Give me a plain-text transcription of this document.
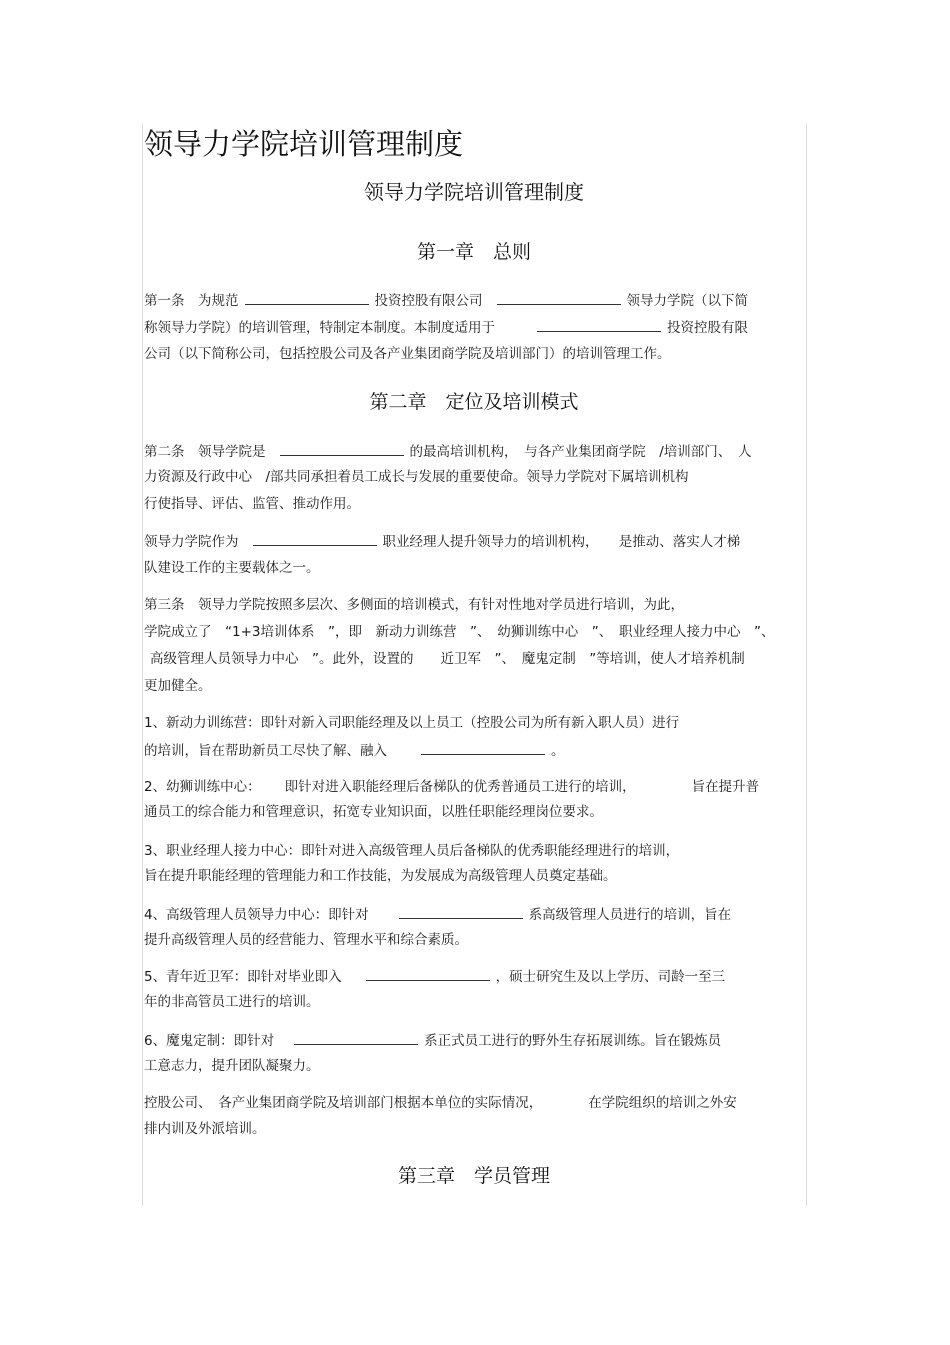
领导力学院培训管理制度
领导力学院培训管理制度
第一章　总则
第一条　为规范	投资控股有限公司	领导力学院（以下简
称领导力学院）的培训管理，特制定本制度。本制度适用于	投资控股有限
公司（以下简称公司，包括控股公司及各产业集团商学院及培训部门）的培训管理工作。
第二章　定位及培训模式
第二条　领导学院是	的最高培训机构，　与各产业集团商学院　/培训部门、　人
力资源及行政中心　/部共同承担着员工成长与发展的重要使命。领导力学院对下属培训机构
行使指导、评估、监管、推动作用。
领导力学院作为	职业经理人提升领导力的培训机构，　　是推动、落实人才梯
队建设工作的主要载体之一。
第三条　领导力学院按照多层次、多侧面的培训模式，有针对性地对学员进行培训，为此，
学院成立了　“1+3培训体系　”，即　新动力训练营　”、　幼狮训练中心　”、　职业经理人接力中心　”、
高级管理人员领导力中心　”。此外，设置的　　近卫军　”、　魔鬼定制　”等培训，使人才培养机制
更加健全。
1、新动力训练营：即针对新入司职能经理及以上员工（控股公司为所有新入职人员）进行
的培训，旨在帮助新员工尽快了解、融入	。
2、幼狮训练中心： 即针对进入职能经理后备梯队的优秀普通员工进行的培训，	旨在提升普
通员工的综合能力和管理意识，拓宽专业知识面，以胜任职能经理岗位要求。
3、职业经理人接力中心：即针对进入高级管理人员后备梯队的优秀职能经理进行的培训，
旨在提升职能经理的管理能力和工作技能，为发展成为高级管理人员奠定基础。
4、高级管理人员领导力中心：即针对	系高级管理人员进行的培训，旨在
提升高级管理人员的经营能力、管理水平和综合素质。
5、青年近卫军：即针对毕业即入	，硕士研究生及以上学历、司龄一至三
年的非高管员工进行的培训。
6、魔鬼定制：即针对	系正式员工进行的野外生存拓展训练。旨在锻炼员
工意志力，提升团队凝聚力。
控股公司、　各产业集团商学院及培训部门根据本单位的实际情况，	在学院组织的培训之外安
排内训及外派培训。
第三章　学员管理
